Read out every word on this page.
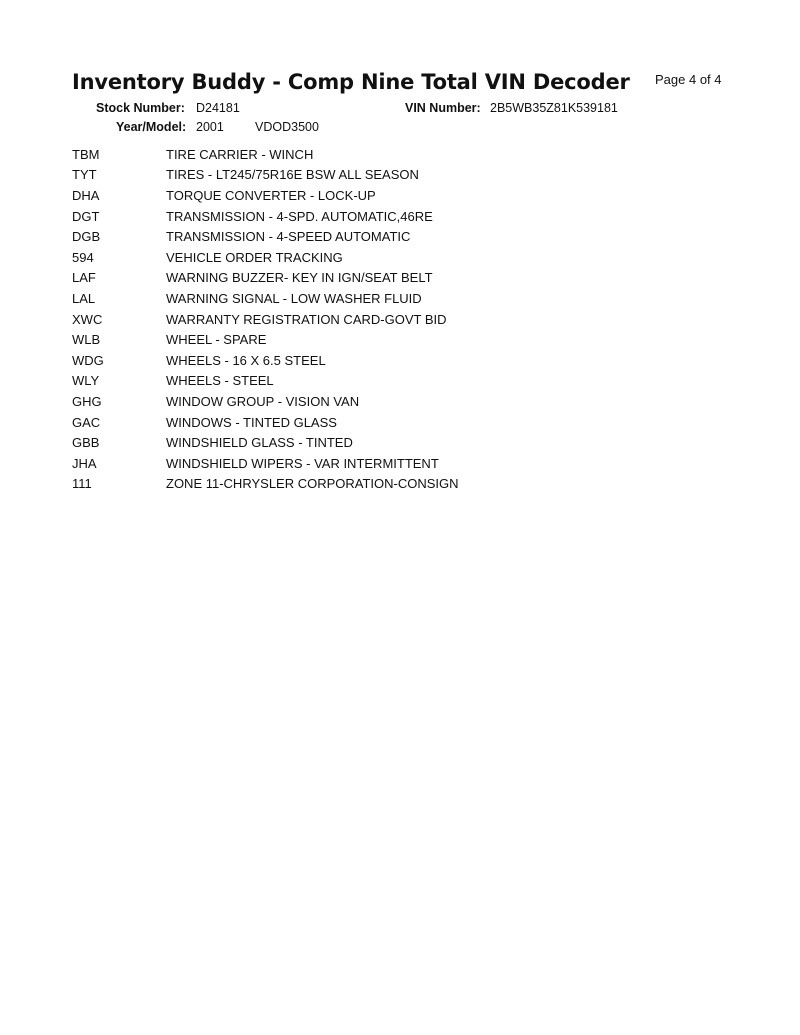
Inventory Buddy - Comp Nine Total VIN Decoder Page 4 of 4
Stock Number: D24181	VIN Number: 2B5WB35Z81K539181
Year/Model: 2001 VDOD3500
TBM	TIRE CARRIER - WINCH
TYT	TIRES - LT245/75R16E BSW ALL SEASON
DHA	TORQUE CONVERTER - LOCK-UP
DGT	TRANSMISSION - 4-SPD. AUTOMATIC,46RE
DGB	TRANSMISSION - 4-SPEED AUTOMATIC
594	VEHICLE ORDER TRACKING
LAF	WARNING BUZZER- KEY IN IGN/SEAT BELT
LAL	WARNING SIGNAL - LOW WASHER FLUID
XWC	WARRANTY REGISTRATION CARD-GOVT BID
WLB	WHEEL - SPARE
WDG	WHEELS - 16 X 6.5 STEEL
WLY	WHEELS - STEEL
GHG	WINDOW GROUP - VISION VAN
GAC	WINDOWS - TINTED GLASS
GBB	WINDSHIELD GLASS - TINTED
JHA	WINDSHIELD WIPERS - VAR INTERMITTENT
111	ZONE 11-CHRYSLER CORPORATION-CONSIGN
